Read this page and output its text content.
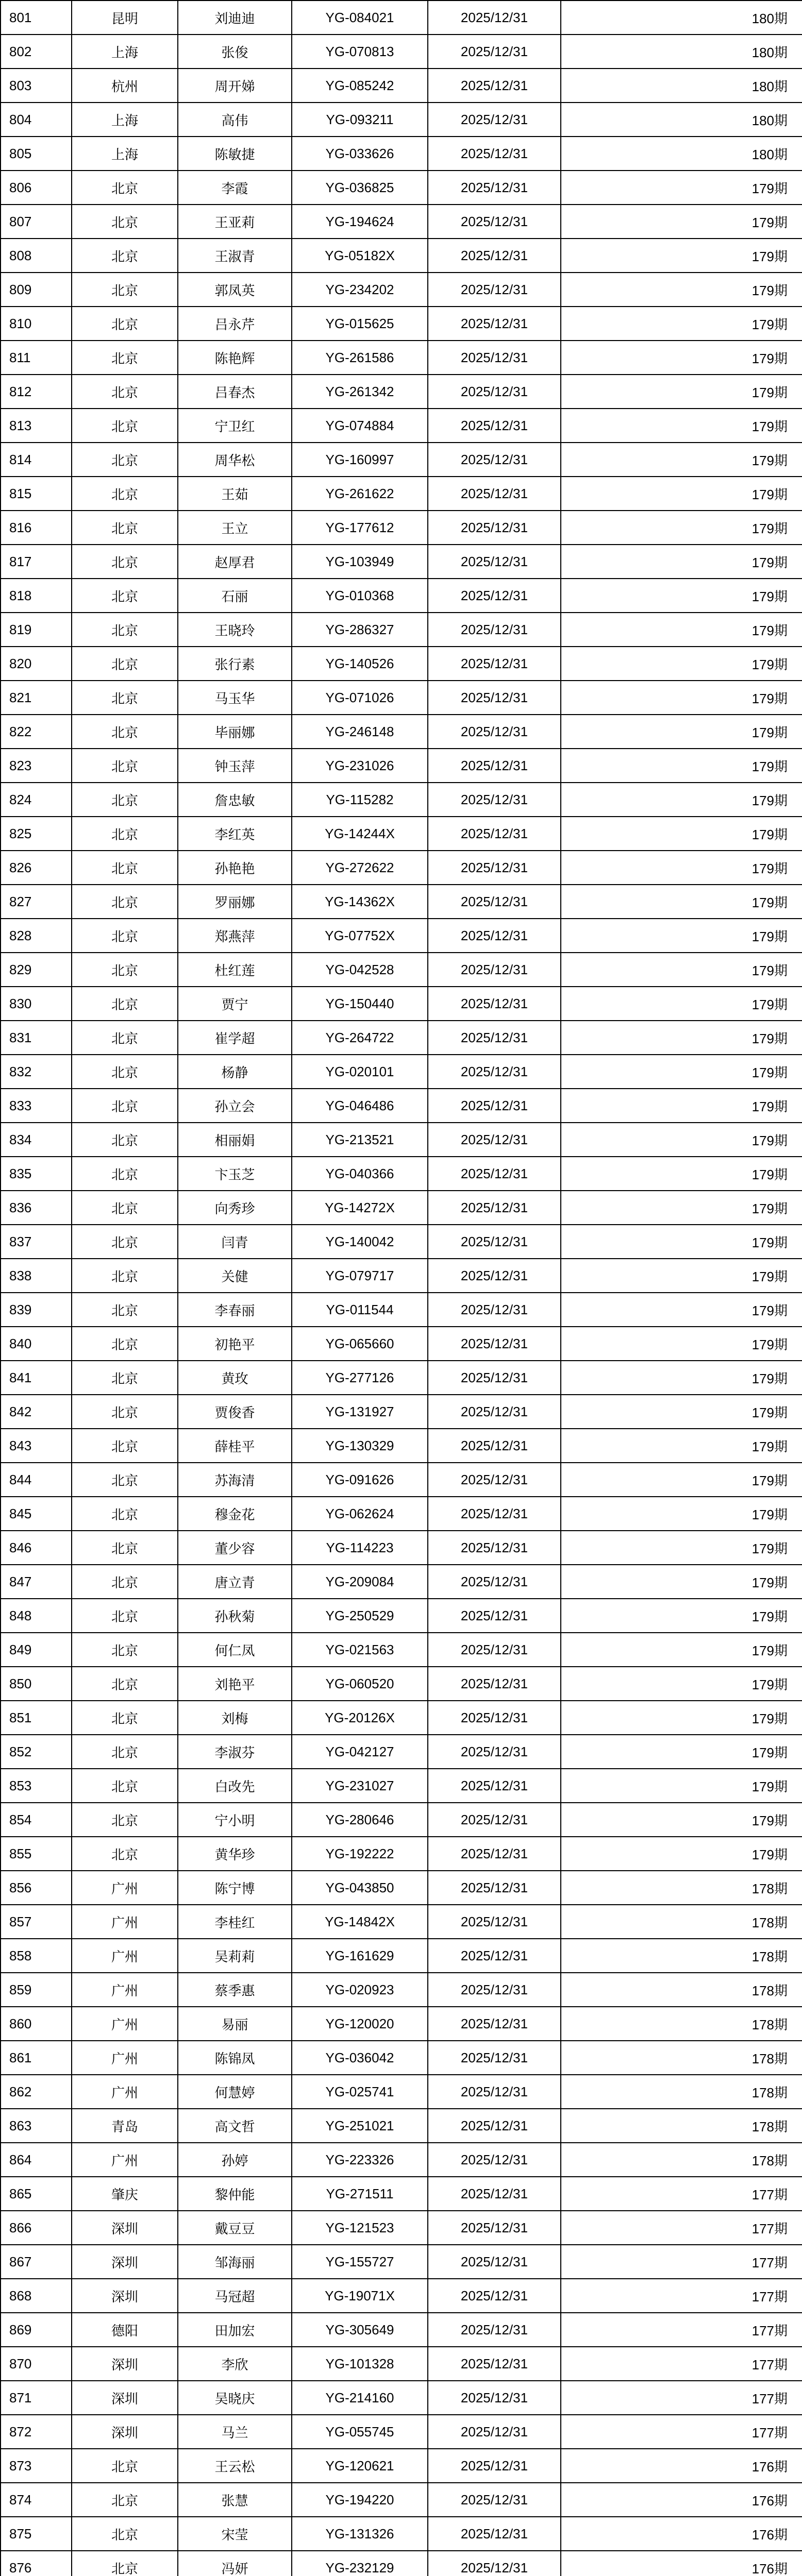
801	昆明	刘迪迪	YG-084021	2025/12/31	180期
802	上海	张俊	YG-070813	2025/12/31	180期
803	杭州	周开娣	YG-085242	2025/12/31	180期
804	上海	高伟	YG-093211	2025/12/31	180期
805	上海	陈敏捷	YG-033626	2025/12/31	180期
806	北京	李霞	YG-036825	2025/12/31	179期
807	北京	王亚莉	YG-194624	2025/12/31	179期
808	北京	王淑青	YG-05182X	2025/12/31	179期
809	北京	郭凤英	YG-234202	2025/12/31	179期
810	北京	吕永芹	YG-015625	2025/12/31	179期
811	北京	陈艳辉	YG-261586	2025/12/31	179期
812	北京	吕春杰	YG-261342	2025/12/31	179期
813	北京	宁卫红	YG-074884	2025/12/31	179期
814	北京	周华松	YG-160997	2025/12/31	179期
815	北京	王茹	YG-261622	2025/12/31	179期
816	北京	王立	YG-177612	2025/12/31	179期
817	北京	赵厚君	YG-103949	2025/12/31	179期
818	北京	石丽	YG-010368	2025/12/31	179期
819	北京	王晓玲	YG-286327	2025/12/31	179期
820	北京	张行素	YG-140526	2025/12/31	179期
821	北京	马玉华	YG-071026	2025/12/31	179期
822	北京	毕丽娜	YG-246148	2025/12/31	179期
823	北京	钟玉萍	YG-231026	2025/12/31	179期
824	北京	詹忠敏	YG-115282	2025/12/31	179期
825	北京	李红英	YG-14244X	2025/12/31	179期
826	北京	孙艳艳	YG-272622	2025/12/31	179期
827	北京	罗丽娜	YG-14362X	2025/12/31	179期
828	北京	郑燕萍	YG-07752X	2025/12/31	179期
829	北京	杜红莲	YG-042528	2025/12/31	179期
830	北京	贾宁	YG-150440	2025/12/31	179期
831	北京	崔学超	YG-264722	2025/12/31	179期
832	北京	杨静	YG-020101	2025/12/31	179期
833	北京	孙立会	YG-046486	2025/12/31	179期
834	北京	相丽娟	YG-213521	2025/12/31	179期
835	北京	卞玉芝	YG-040366	2025/12/31	179期
836	北京	向秀珍	YG-14272X	2025/12/31	179期
837	北京	闫青	YG-140042	2025/12/31	179期
838	北京	关健	YG-079717	2025/12/31	179期
839	北京	李春丽	YG-011544	2025/12/31	179期
840	北京	初艳平	YG-065660	2025/12/31	179期
841	北京	黄玫	YG-277126	2025/12/31	179期
842	北京	贾俊香	YG-131927	2025/12/31	179期
843	北京	薛桂平	YG-130329	2025/12/31	179期
844	北京	苏海清	YG-091626	2025/12/31	179期
845	北京	穆金花	YG-062624	2025/12/31	179期
846	北京	董少容	YG-114223	2025/12/31	179期
847	北京	唐立青	YG-209084	2025/12/31	179期
848	北京	孙秋菊	YG-250529	2025/12/31	179期
849	北京	何仁凤	YG-021563	2025/12/31	179期
850	北京	刘艳平	YG-060520	2025/12/31	179期
851	北京	刘梅	YG-20126X	2025/12/31	179期
852	北京	李淑芬	YG-042127	2025/12/31	179期
853	北京	白改先	YG-231027	2025/12/31	179期
854	北京	宁小明	YG-280646	2025/12/31	179期
855	北京	黄华珍	YG-192222	2025/12/31	179期
856	广州	陈宁博	YG-043850	2025/12/31	178期
857	广州	李桂红	YG-14842X	2025/12/31	178期
858	广州	吴莉莉	YG-161629	2025/12/31	178期
859	广州	蔡季惠	YG-020923	2025/12/31	178期
860	广州	易丽	YG-120020	2025/12/31	178期
861	广州	陈锦凤	YG-036042	2025/12/31	178期
862	广州	何慧婷	YG-025741	2025/12/31	178期
863	青岛	高文哲	YG-251021	2025/12/31	178期
864	广州	孙婷	YG-223326	2025/12/31	178期
865	肇庆	黎仲能	YG-271511	2025/12/31	177期
866	深圳	戴豆豆	YG-121523	2025/12/31	177期
867	深圳	邹海丽	YG-155727	2025/12/31	177期
868	深圳	马冠超	YG-19071X	2025/12/31	177期
869	德阳	田加宏	YG-305649	2025/12/31	177期
870	深圳	李欣	YG-101328	2025/12/31	177期
871	深圳	吴晓庆	YG-214160	2025/12/31	177期
872	深圳	马兰	YG-055745	2025/12/31	177期
873	北京	王云松	YG-120621	2025/12/31	176期
874	北京	张慧	YG-194220	2025/12/31	176期
875	北京	宋莹	YG-131326	2025/12/31	176期
876	北京	冯妍	YG-232129	2025/12/31	176期
